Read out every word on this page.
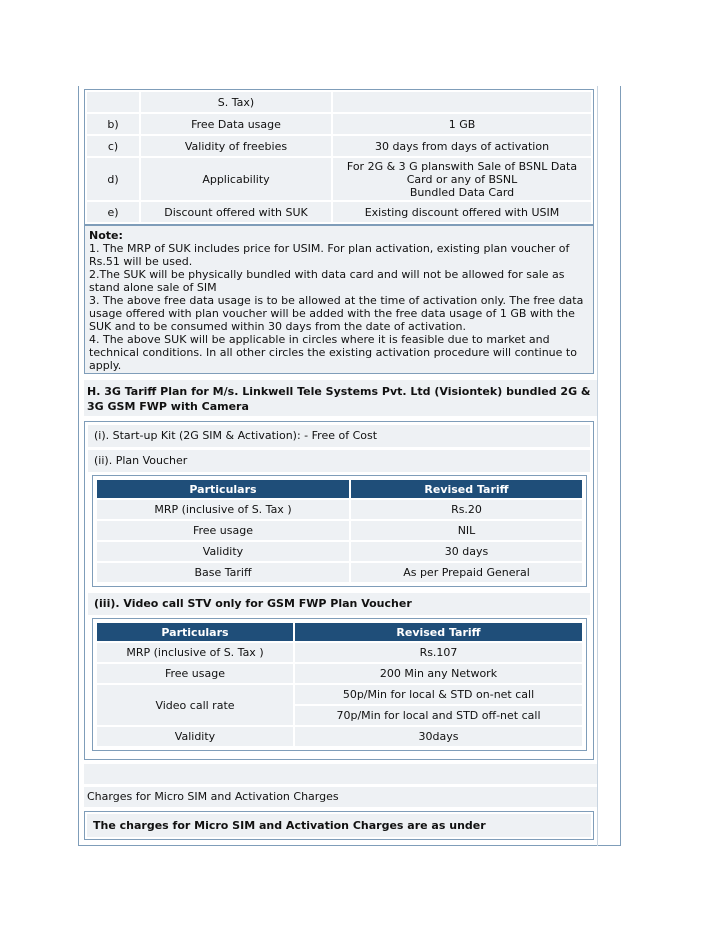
	S. Tax)	
b)	Free Data usage	1 GB
c)	Validity of freebies	30 days from days of activation
d)	Applicability	For 2G & 3 G planswith Sale of BSNL Data
Card or any of BSNL
Bundled Data Card

e)	Discount offered with SUK	Existing discount offered with USIM
Note:
1. The MRP of SUK includes price for USIM. For plan activation, existing plan voucher of
Rs.51 will be used.
2.The SUK will be physically bundled with data card and will not be allowed for sale as
stand alone sale of SIM
3. The above free data usage is to be allowed at the time of activation only. The free data
usage offered with plan voucher will be added with the free data usage of 1 GB with the
SUK and to be consumed within 30 days from the date of activation.
4. The above SUK will be applicable in circles where it is feasible due to market and
technical conditions. In all other circles the existing activation procedure will continue to
apply.
H. 3G Tariff Plan for M/s. Linkwell Tele Systems Pvt. Ltd (Visiontek) bundled 2G &
3G GSM FWP with Camera
(i). Start-up Kit (2G SIM & Activation): - Free of Cost
(ii). Plan Voucher
Particulars	Revised Tariff
MRP (inclusive of S. Tax )	Rs.20
Free usage	NIL
Validity	30 days
Base Tariff	As per Prepaid General
(iii). Video call STV only for GSM FWP Plan Voucher
Particulars	Revised Tariff
MRP (inclusive of S. Tax )	Rs.107
Free usage	200 Min any Network
Video call rate	50p/Min for local & STD on-net call
	70p/Min for local and STD off-net call
Validity	30days
Charges for Micro SIM and Activation Charges
The charges for Micro SIM and Activation Charges are as under
